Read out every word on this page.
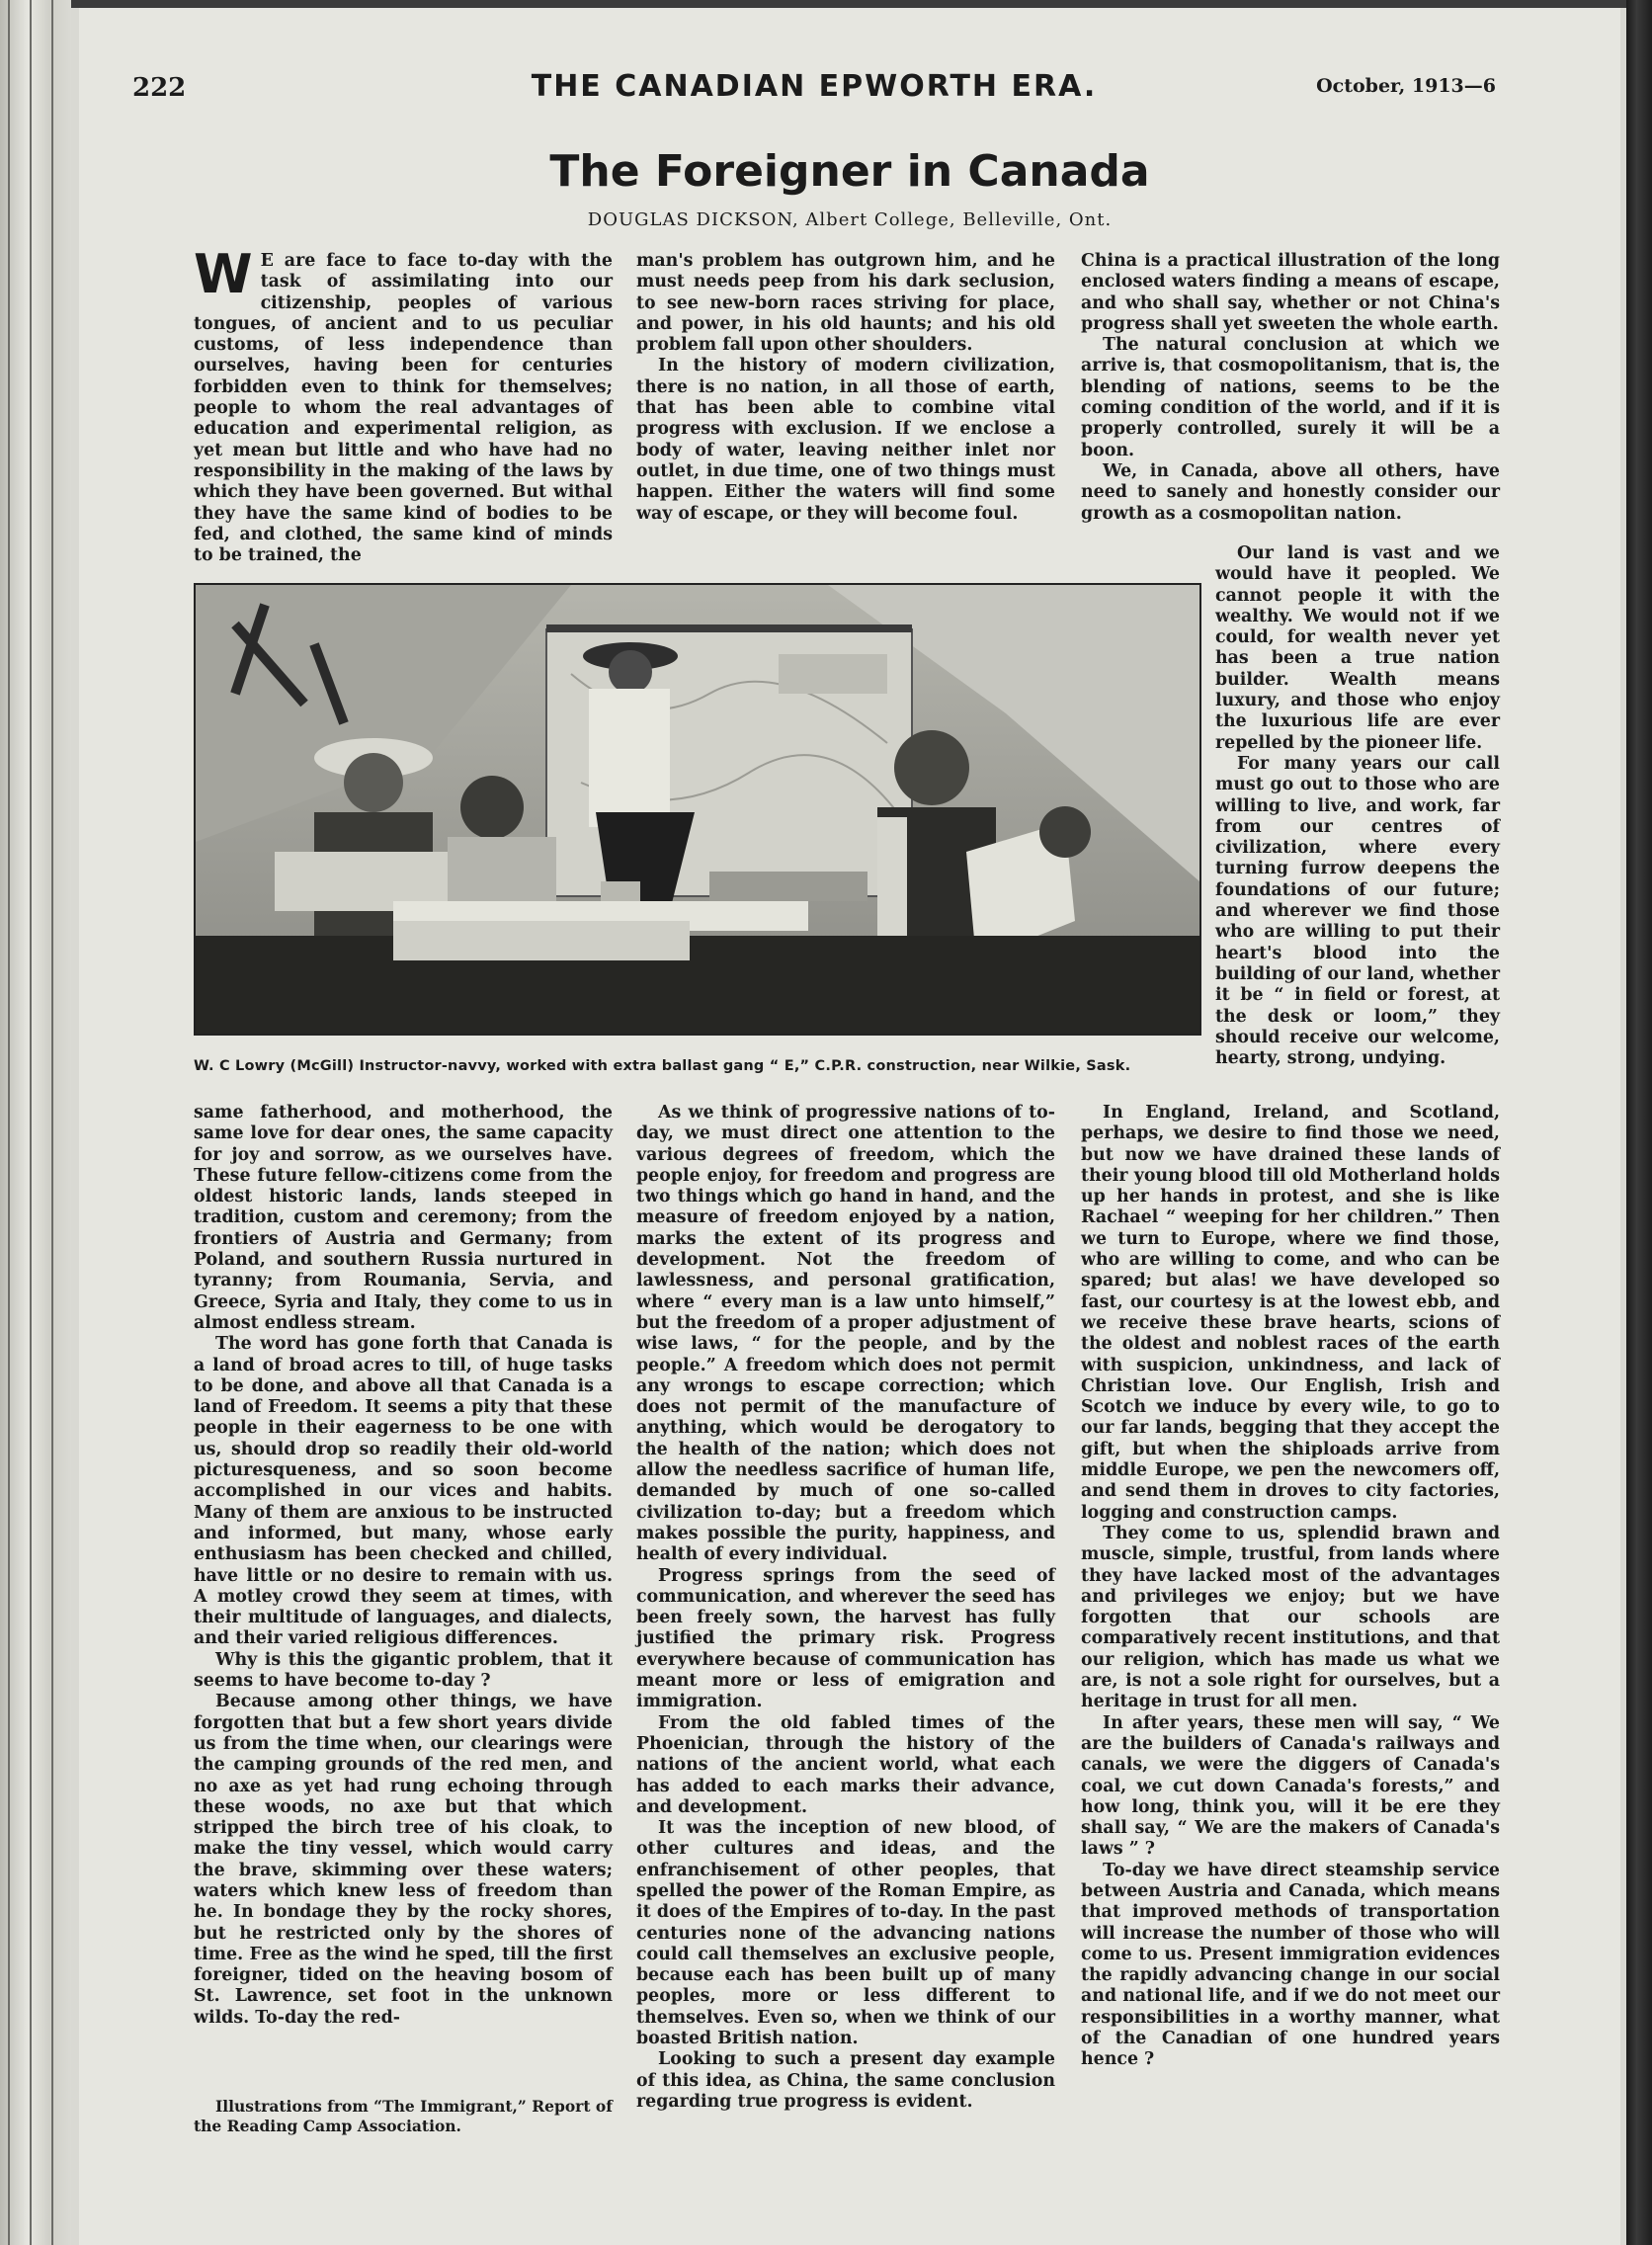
222	THE CANADIAN EPWORTH ERA.	October, 1913—6
The Foreigner in Canada
DOUGLAS DICKSON, Albert College, Belleville, Ont.
W E are face to face to-day with the task of assimilating into our citizenship, peoples of various tongues, of ancient and to us peculiar customs, of less independence than ourselves, having been for centuries forbidden even to think for themselves; people to whom the real advantages of education and experimental religion, as yet mean but little and who have had no responsibility in the making of the laws by which they have been governed. But withal they have the same kind of bodies to be fed, and clothed, the same kind of minds to be trained, the

man's problem has outgrown him, and he must needs peep from his dark seclusion, to see new-born races striving for place, and power, in his old haunts; and his old problem fall upon other shoulders.

In the history of modern civilization, there is no nation, in all those of earth, that has been able to combine vital progress with exclusion. If we enclose a body of water, leaving neither inlet nor outlet, in due time, one of two things must happen. Either the waters will find some way of escape, or they will become foul.

China is a practical illustration of the long enclosed waters finding a means of escape, and who shall say, whether or not China's progress shall yet sweeten the whole earth.

The natural conclusion at which we arrive is, that cosmopolitanism, that is, the blending of nations, seems to be the coming condition of the world, and if it is properly controlled, surely it will be a boon.

We, in Canada, above all others, have need to sanely and honestly consider our growth as a cosmopolitan nation.

Our land is vast and we would have it peopled. We cannot people it with the wealthy. We would not if we could, for wealth never yet has been a true nation builder. Wealth means luxury, and those who enjoy the luxurious life are ever repelled by the pioneer life.

For many years our call must go out to those who are willing to live, and work, far from our centres of civilization, where every turning furrow deepens the foundations of our future; and wherever we find those who are willing to put their heart's blood into the building of our land, whether it be “ in field or forest, at the desk or loom,” they should receive our welcome, hearty, strong, undying.

W. C Lowry (McGill) Instructor-navvy, worked with extra ballast gang “ E,” C.P.R. construction, near Wilkie, Sask.

same fatherhood, and motherhood, the same love for dear ones, the same capacity for joy and sorrow, as we ourselves have. These future fellow-citizens come from the oldest historic lands, lands steeped in tradition, custom and ceremony; from the frontiers of Austria and Germany; from Poland, and southern Russia nurtured in tyranny; from Roumania, Servia, and Greece, Syria and Italy, they come to us in almost endless stream.

The word has gone forth that Canada is a land of broad acres to till, of huge tasks to be done, and above all that Canada is a land of Freedom. It seems a pity that these people in their eagerness to be one with us, should drop so readily their old-world picturesqueness, and so soon become accomplished in our vices and habits. Many of them are anxious to be instructed and informed, but many, whose early enthusiasm has been checked and chilled, have little or no desire to remain with us. A motley crowd they seem at times, with their multitude of languages, and dialects, and their varied religious differences.

Why is this the gigantic problem, that it seems to have become to-day ?

Because among other things, we have forgotten that but a few short years divide us from the time when, our clearings were the camping grounds of the red men, and no axe as yet had rung echoing through these woods, no axe but that which stripped the birch tree of his cloak, to make the tiny vessel, which would carry the brave, skimming over these waters; waters which knew less of freedom than he. In bondage they by the rocky shores, but he restricted only by the shores of time. Free as the wind he sped, till the first foreigner, tided on the heaving bosom of St. Lawrence, set foot in the unknown wilds. To-day the red-

As we think of progressive nations of to-day, we must direct one attention to the various degrees of freedom, which the people enjoy, for freedom and progress are two things which go hand in hand, and the measure of freedom enjoyed by a nation, marks the extent of its progress and development. Not the freedom of lawlessness, and personal gratification, where “ every man is a law unto himself,” but the freedom of a proper adjustment of wise laws, “ for the people, and by the people.” A freedom which does not permit any wrongs to escape correction; which does not permit of the manufacture of anything, which would be derogatory to the health of the nation; which does not allow the needless sacrifice of human life, demanded by much of one so-called civilization to-day; but a freedom which makes possible the purity, happiness, and health of every individual.

Progress springs from the seed of communication, and wherever the seed has been freely sown, the harvest has fully justified the primary risk. Progress everywhere because of communication has meant more or less of emigration and immigration.

From the old fabled times of the Phoenician, through the history of the nations of the ancient world, what each has added to each marks their advance, and development.

It was the inception of new blood, of other cultures and ideas, and the enfranchisement of other peoples, that spelled the power of the Roman Empire, as it does of the Empires of to-day. In the past centuries none of the advancing nations could call themselves an exclusive people, because each has been built up of many peoples, more or less different to themselves. Even so, when we think of our boasted British nation.

Looking to such a present day example of this idea, as China, the same conclusion regarding true progress is evident.

In England, Ireland, and Scotland, perhaps, we desire to find those we need, but now we have drained these lands of their young blood till old Motherland holds up her hands in protest, and she is like Rachael “ weeping for her children.” Then we turn to Europe, where we find those, who are willing to come, and who can be spared; but alas! we have developed so fast, our courtesy is at the lowest ebb, and we receive these brave hearts, scions of the oldest and noblest races of the earth with suspicion, unkindness, and lack of Christian love. Our English, Irish and Scotch we induce by every wile, to go to our far lands, begging that they accept the gift, but when the shiploads arrive from middle Europe, we pen the newcomers off, and send them in droves to city factories, logging and construction camps.

They come to us, splendid brawn and muscle, simple, trustful, from lands where they have lacked most of the advantages and privileges we enjoy; but we have forgotten that our schools are comparatively recent institutions, and that our religion, which has made us what we are, is not a sole right for ourselves, but a heritage in trust for all men.

In after years, these men will say, “ We are the builders of Canada's railways and canals, we were the diggers of Canada's coal, we cut down Canada's forests,” and how long, think you, will it be ere they shall say, “ We are the makers of Canada's laws ” ?

To-day we have direct steamship service between Austria and Canada, which means that improved methods of transportation will increase the number of those who will come to us. Present immigration evidences the rapidly advancing change in our social and national life, and if we do not meet our responsibilities in a worthy manner, what of the Canadian of one hundred years hence ?

Illustrations from “The Immigrant,” Report of the Reading Camp Association.
